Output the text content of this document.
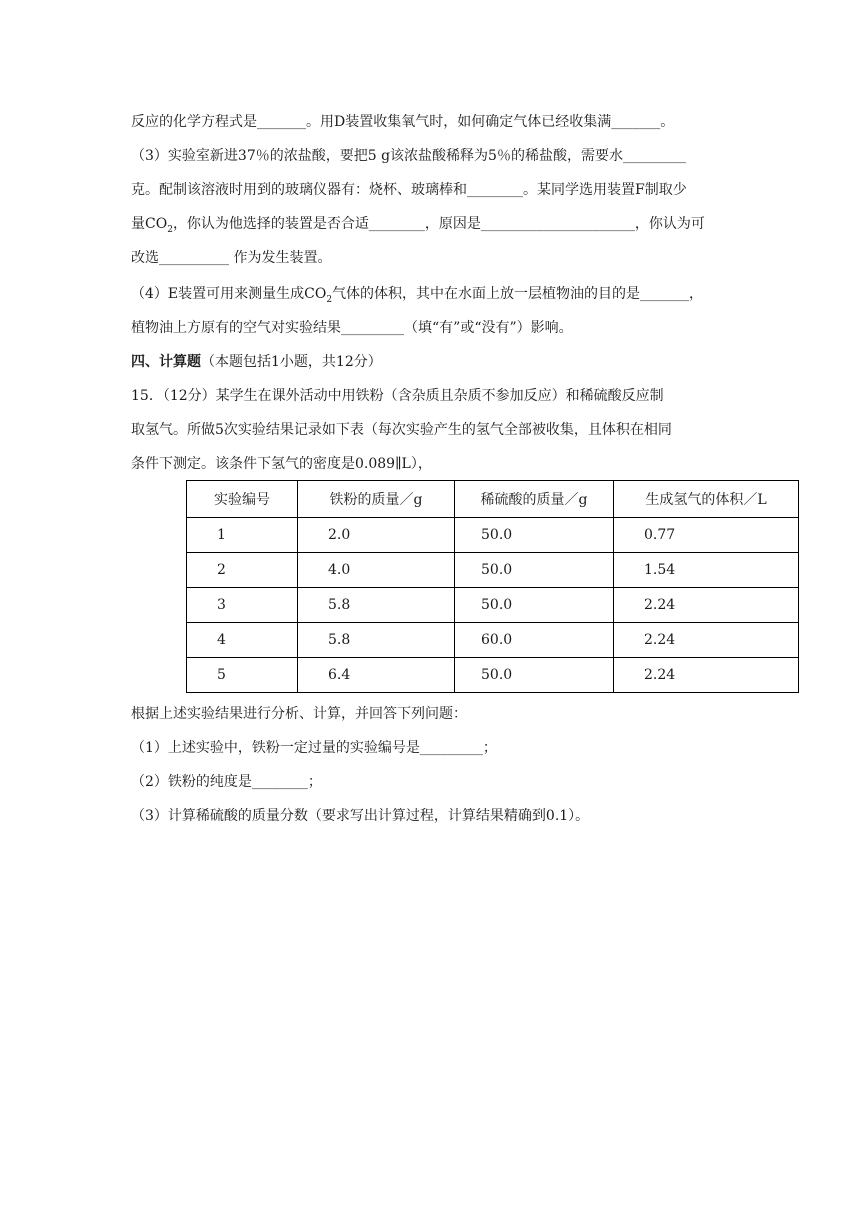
反应的化学方程式是_______。用D装置收集氧气时，如何确定气体已经收集满_______。
（3）实验室新进37％的浓盐酸，要把5 g该浓盐酸稀释为5％的稀盐酸，需要水_________
克。配制该溶液时用到的玻璃仪器有：烧杯、玻璃棒和________。某同学选用装置F制取少
量$CO_2$，你认为他选择的装置是否合适________，原因是______________________，你认为可
改选__________ 作为发生装置。
（4）E装置可用来测量生成$CO_2$气体的体积，其中在水面上放一层植物油的目的是_______，
植物油上方原有的空气对实验结果_________（填“有”或“没有”）影响。
四、计算题（本题包括1小题，共12分）
15．（12分）某学生在课外活动中用铁粉（含杂质且杂质不参加反应）和稀硫酸反应制
取氢气。所做5次实验结果记录如下表（每次实验产生的氢气全部被收集，且体积在相同
条件下测定。该条件下氢气的密度是0.089∥L），
实验编号	铁粉的质量／g	稀硫酸的质量／g	生成氢气的体积／L
1	2.0	50.0	0.77
2	4.0	50.0	1.54
3	5.8	50.0	2.24
4	5.8	60.0	2.24
5	6.4	50.0	2.24
根据上述实验结果进行分析、计算，并回答下列问题：
（1）上述实验中，铁粉一定过量的实验编号是_________；
（2）铁粉的纯度是________；
（3）计算稀硫酸的质量分数（要求写出计算过程，计算结果精确到0.1）。
